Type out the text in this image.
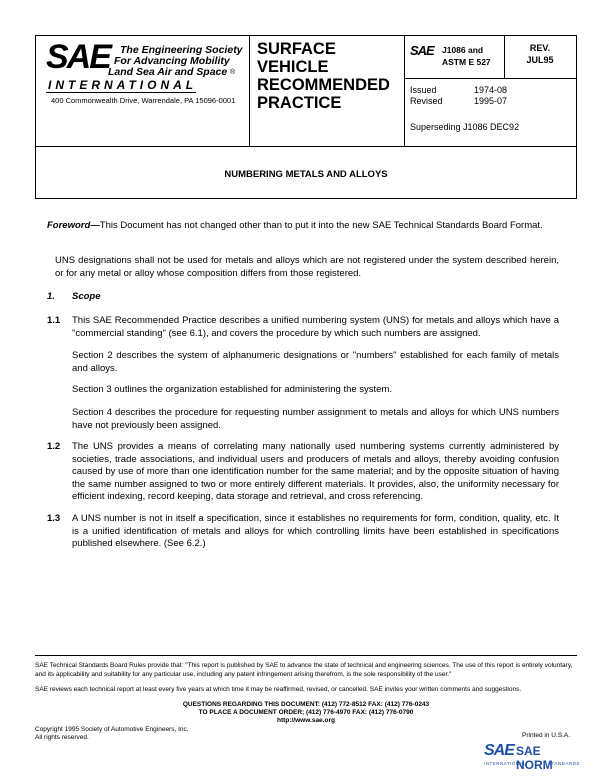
SAE The Engineering Society
For Advancing Mobility
Land Sea Air and Space ®
INTERNATIONAL
400 Commonwealth Drive, Warrendale, PA 15096-0001
SURFACE
VEHICLE
RECOMMENDED
PRACTICE
SAE J1086 and
ASTM E 527
REV.
JUL95
Issued	1974-08
Revised	1995-07
Superseding J1086 DEC92
NUMBERING METALS AND ALLOYS

Foreword—This Document has not changed other than to put it into the new SAE Technical Standards Board Format.

UNS designations shall not be used for metals and alloys which are not registered under the system described herein, or for any metal or alloy whose composition differs from those registered.

1. Scope
1.1 This SAE Recommended Practice describes a unified numbering system (UNS) for metals and alloys which have a "commercial standing" (see 6.1), and covers the procedure by which such numbers are assigned.

Section 2 describes the system of alphanumeric designations or "numbers" established for each family of metals and alloys.

Section 3 outlines the organization established for administering the system.

Section 4 describes the procedure for requesting number assignment to metals and alloys for which UNS numbers have not previously been assigned.

1.2 The UNS provides a means of correlating many nationally used numbering systems currently administered by societies, trade associations, and individual users and producers of metals and alloys, thereby avoiding confusion caused by use of more than one identification number for the same material; and by the opposite situation of having the same number assigned to two or more entirely different materials. It provides, also, the uniformity necessary for efficient indexing, record keeping, data storage and retrieval, and cross referencing.

1.3 A UNS number is not in itself a specification, since it establishes no requirements for form, condition, quality, etc. It is a unified identification of metals and alloys for which controlling limits have been established in specifications published elsewhere. (See 6.2.)

SAE Technical Standards Board Rules provide that: "This report is published by SAE to advance the state of technical and engineering sciences. The use of this report is entirely voluntary, and its applicability and suitability for any particular use, including any patent infringement arising therefrom, is the sole responsibility of the user."
SAE reviews each technical report at least every five years at which time it may be reaffirmed, revised, or cancelled. SAE invites your written comments and suggestions.
QUESTIONS REGARDING THIS DOCUMENT: (412) 772-8512 FAX: (412) 776-0243
TO PLACE A DOCUMENT ORDER; (412) 776-4970 FAX: (412) 776-0790
http://www.sae.org
Copyright 1995 Society of Automotive Engineers, Inc.
All rights reserved.	Printed in U.S.A.
SAE SAE NORM
INTERNATIONAL	STANDARDS
